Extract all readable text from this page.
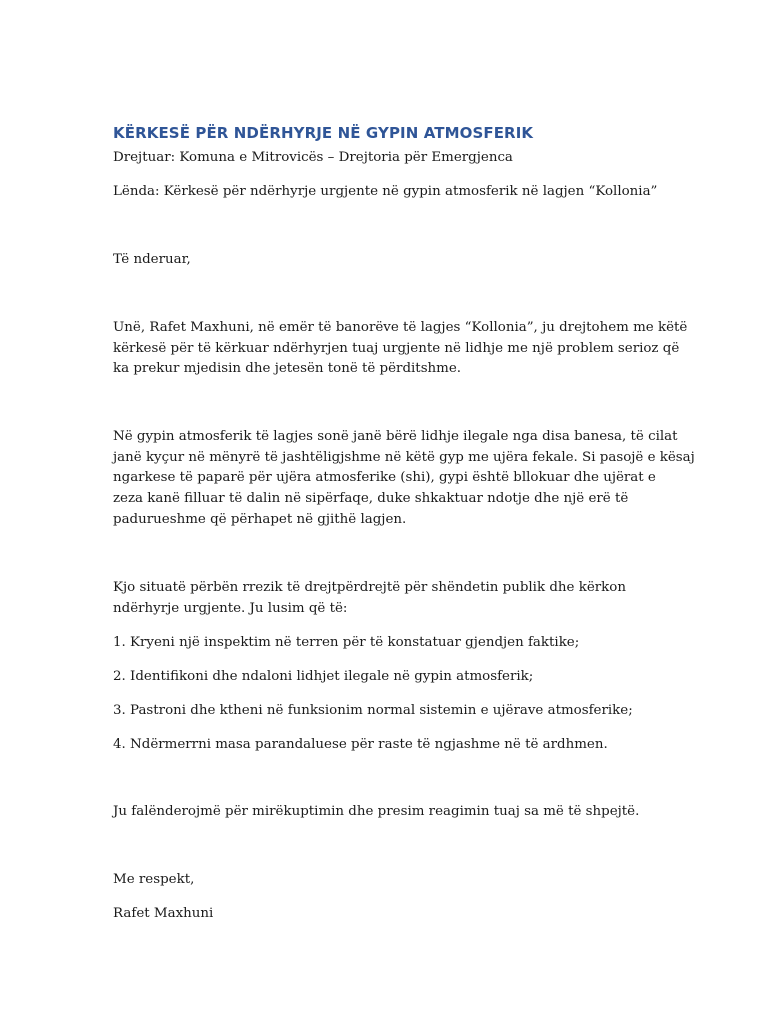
KËRKESË PËR NDËRHYRJE NË GYPIN ATMOSFERIK
Drejtuar: Komuna e Mitrovicës – Drejtoria për Emergjenca
Lënda: Kërkesë për ndërhyrje urgjente në gypin atmosferik në lagjen “Kollonia”
Të nderuar,
Unë, Rafet Maxhuni, në emër të banorëve të lagjes “Kollonia”, ju drejtohem me këtë
kërkesë për të kërkuar ndërhyrjen tuaj urgjente në lidhje me një problem serioz që
ka prekur mjedisin dhe jetesën tonë të përditshme.
Në gypin atmosferik të lagjes sonë janë bërë lidhje ilegale nga disa banesa, të cilat
janë kyçur në mënyrë të jashtëligjshme në këtë gyp me ujëra fekale. Si pasojë e kësaj
ngarkese të paparë për ujëra atmosferike (shi), gypi është bllokuar dhe ujërat e
zeza kanë filluar të dalin në sipërfaqe, duke shkaktuar ndotje dhe një erë të
padurueshme që përhapet në gjithë lagjen.
Kjo situatë përbën rrezik të drejtpërdrejtë për shëndetin publik dhe kërkon
ndërhyrje urgjente. Ju lusim që të:
1. Kryeni një inspektim në terren për të konstatuar gjendjen faktike;
2. Identifikoni dhe ndaloni lidhjet ilegale në gypin atmosferik;
3. Pastroni dhe ktheni në funksionim normal sistemin e ujërave atmosferike;
4. Ndërmerrni masa parandaluese për raste të ngjashme në të ardhmen.
Ju falënderojmë për mirëkuptimin dhe presim reagimin tuaj sa më të shpejtë.
Me respekt,
Rafet Maxhuni
